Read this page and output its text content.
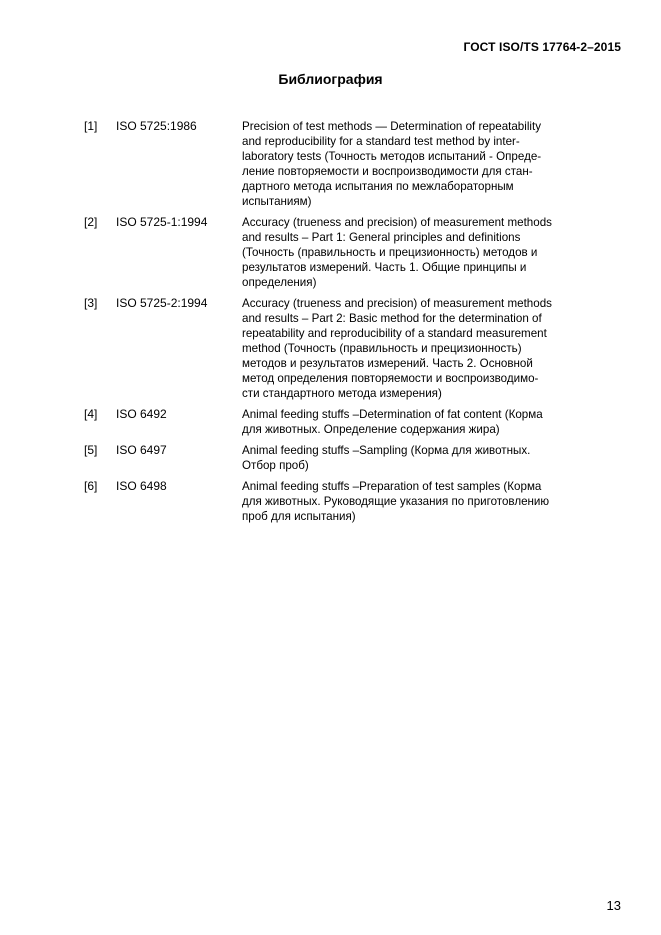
ГОСТ ISO/TS 17764-2–2015
Библиография
[1]	ISO 5725:1986	Precision of test methods — Determination of repeatability
and reproducibility for a standard test method by inter-
laboratory tests (Точность методов испытаний - Опреде-
ление повторяемости и воспроизводимости для стан-
дартного метода испытания по межлабораторным
испытаниям)
[2]	ISO 5725-1:1994	Accuracy (trueness and precision) of measurement methods
and results – Part 1: General principles and definitions
(Точность (правильность и прецизионность) методов и
результатов измерений. Часть 1. Общие принципы и
определения)
[3]	ISO 5725-2:1994	Accuracy (trueness and precision) of measurement methods
and results – Part 2: Basic method for the determination of
repeatability and reproducibility of a standard measurement
method (Точность (правильность и прецизионность)
методов и результатов измерений. Часть 2. Основной
метод определения повторяемости и воспроизводимо-
сти стандартного метода измерения)
[4]	ISO 6492	Animal feeding stuffs –Determination of fat content (Корма
для животных. Определение содержания жира)
[5]	ISO 6497	Animal feeding stuffs –Sampling (Корма для животных.
Отбор проб)
[6]	ISO 6498	Animal feeding stuffs –Preparation of test samples (Корма
для животных. Руководящие указания по приготовлению
проб для испытания)
13
